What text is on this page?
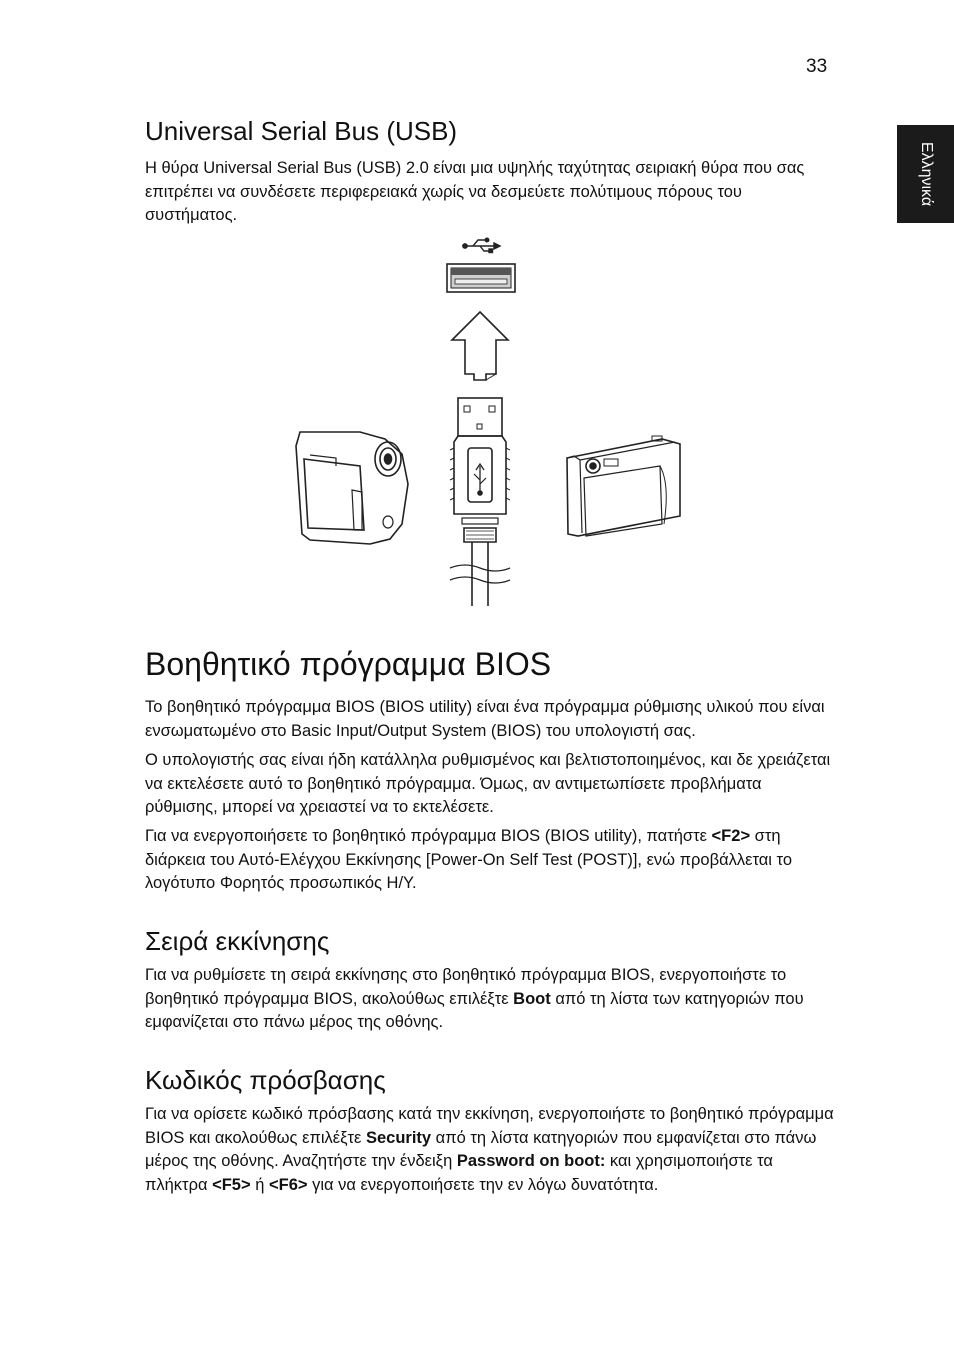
33
Ελληνικά
Universal Serial Bus (USB)

Η θύρα Universal Serial Bus (USB) 2.0 είναι μια υψηλής ταχύτητας σειριακή θύρα που σας επιτρέπει να συνδέσετε περιφερειακά χωρίς να δεσμεύετε πολύτιμους πόρους του συστήματος.

Βοηθητικό πρόγραμμα BIOS

Το βοηθητικό πρόγραμμα BIOS (BIOS utility) είναι ένα πρόγραμμα ρύθμισης υλικού που είναι ενσωματωμένο στο Basic Input/Output System (BIOS) του υπολογιστή σας.

Ο υπολογιστής σας είναι ήδη κατάλληλα ρυθμισμένος και βελτιστοποιημένος, και δε χρειάζεται να εκτελέσετε αυτό το βοηθητικό πρόγραμμα. Όμως, αν αντιμετωπίσετε προβλήματα ρύθμισης, μπορεί να χρειαστεί να το εκτελέσετε.

Για να ενεργοποιήσετε το βοηθητικό πρόγραμμα BIOS (BIOS utility), πατήστε <F2> στη διάρκεια του Αυτό-Ελέγχου Εκκίνησης [Power-On Self Test (POST)], ενώ προβάλλεται το λογότυπο Φορητός προσωπικός Η/Υ.

Σειρά εκκίνησης

Για να ρυθμίσετε τη σειρά εκκίνησης στο βοηθητικό πρόγραμμα BIOS, ενεργοποιήστε το βοηθητικό πρόγραμμα BIOS, ακολούθως επιλέξτε Boot από τη λίστα των κατηγοριών που εμφανίζεται στο πάνω μέρος της οθόνης.

Κωδικός πρόσβασης

Για να ορίσετε κωδικό πρόσβασης κατά την εκκίνηση, ενεργοποιήστε το βοηθητικό πρόγραμμα BIOS και ακολούθως επιλέξτε Security από τη λίστα κατηγοριών που εμφανίζεται στο πάνω μέρος της οθόνης. Αναζητήστε την ένδειξη Password on boot: και χρησιμοποιήστε τα πλήκτρα <F5> ή <F6> για να ενεργοποιήσετε την εν λόγω δυνατότητα.
